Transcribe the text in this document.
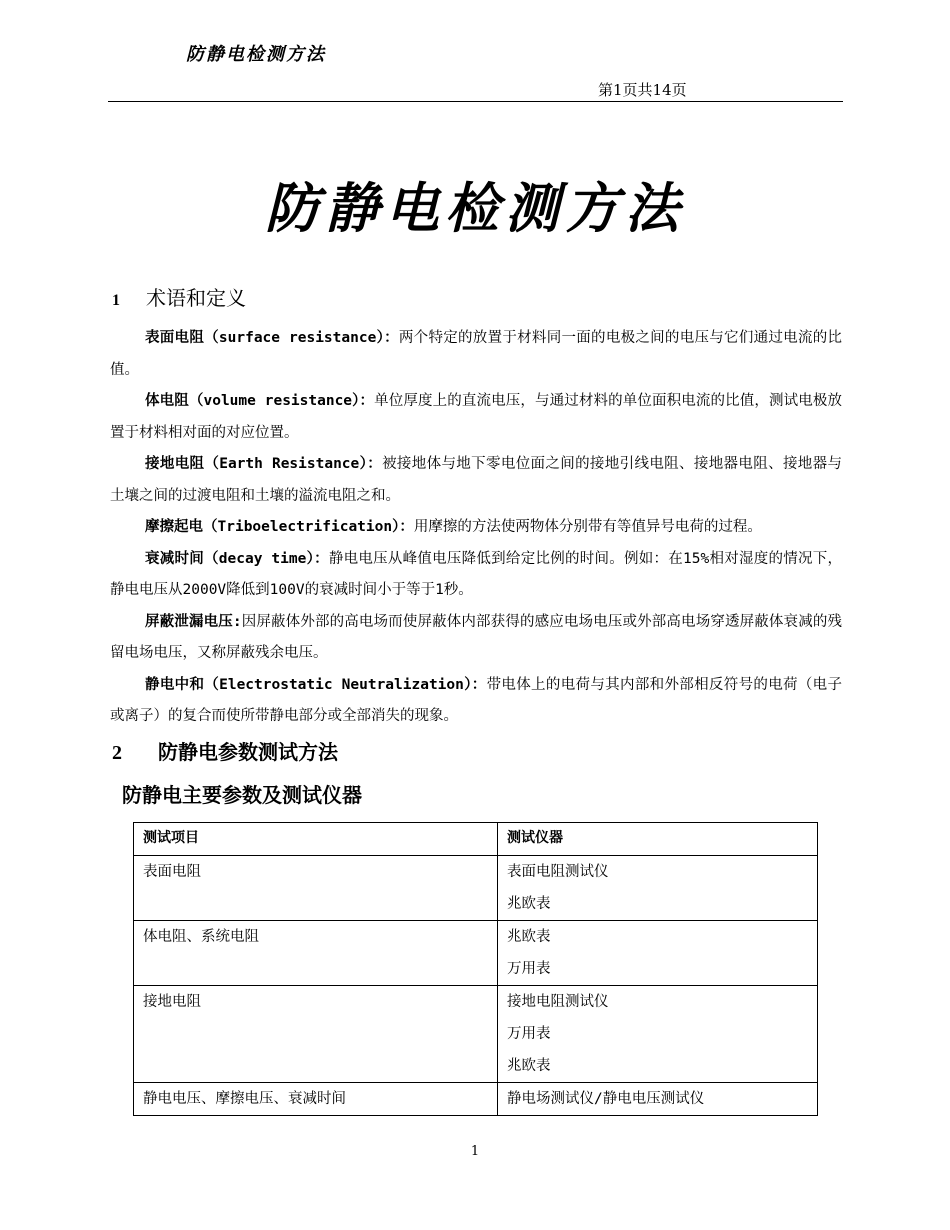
防静电检测方法
第1页共14页
防静电检测方法
1 术语和定义

表面电阻（surface resistance）：两个特定的放置于材料同一面的电极之间的电压与它们通过电流的比值。

体电阻（volume resistance）：单位厚度上的直流电压，与通过材料的单位面积电流的比值，测试电极放置于材料相对面的对应位置。

接地电阻（Earth Resistance）：被接地体与地下零电位面之间的接地引线电阻、接地器电阻、接地器与土壤之间的过渡电阻和土壤的溢流电阻之和。

摩擦起电（Triboelectrification）：用摩擦的方法使两物体分别带有等值异号电荷的过程。

衰减时间（decay time）：静电电压从峰值电压降低到给定比例的时间。例如：在15%相对湿度的情况下，静电电压从2000V降低到100V的衰减时间小于等于1秒。

屏蔽泄漏电压:因屏蔽体外部的高电场而使屏蔽体内部获得的感应电场电压或外部高电场穿透屏蔽体衰减的残留电场电压，又称屏蔽残余电压。

静电中和（Electrostatic Neutralization）：带电体上的电荷与其内部和外部相反符号的电荷（电子或离子）的复合而使所带静电部分或全部消失的现象。

2 防静电参数测试方法
防静电主要参数及测试仪器
测试项目	测试仪器

表面电阻	表面电阻测试仪
兆欧表

体电阻、系统电阻	兆欧表
万用表

接地电阻	接地电阻测试仪
万用表
兆欧表

静电电压、摩擦电压、衰减时间	静电场测试仪/静电电压测试仪
1
